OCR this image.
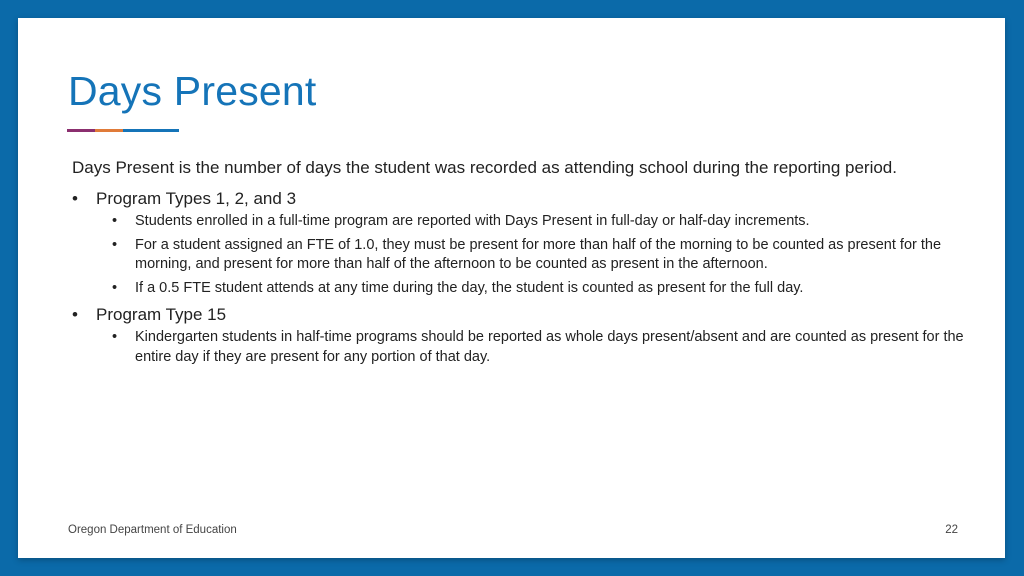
Days Present

Days Present is the number of days the student was recorded as attending school during the reporting period.

• Program Types 1, 2, and 3
• Students enrolled in a full-time program are reported with Days Present in full-day or half-day increments.
• For a student assigned an FTE of 1.0, they must be present for more than half of the morning to be counted as present for the morning, and present for more than half of the afternoon to be counted as present in the afternoon.
• If a 0.5 FTE student attends at any time during the day, the student is counted as present for the full day.
• Program Type 15
• Kindergarten students in half-time programs should be reported as whole days present/absent and are counted as present for the entire day if they are present for any portion of that day.
Oregon Department of Education	22
